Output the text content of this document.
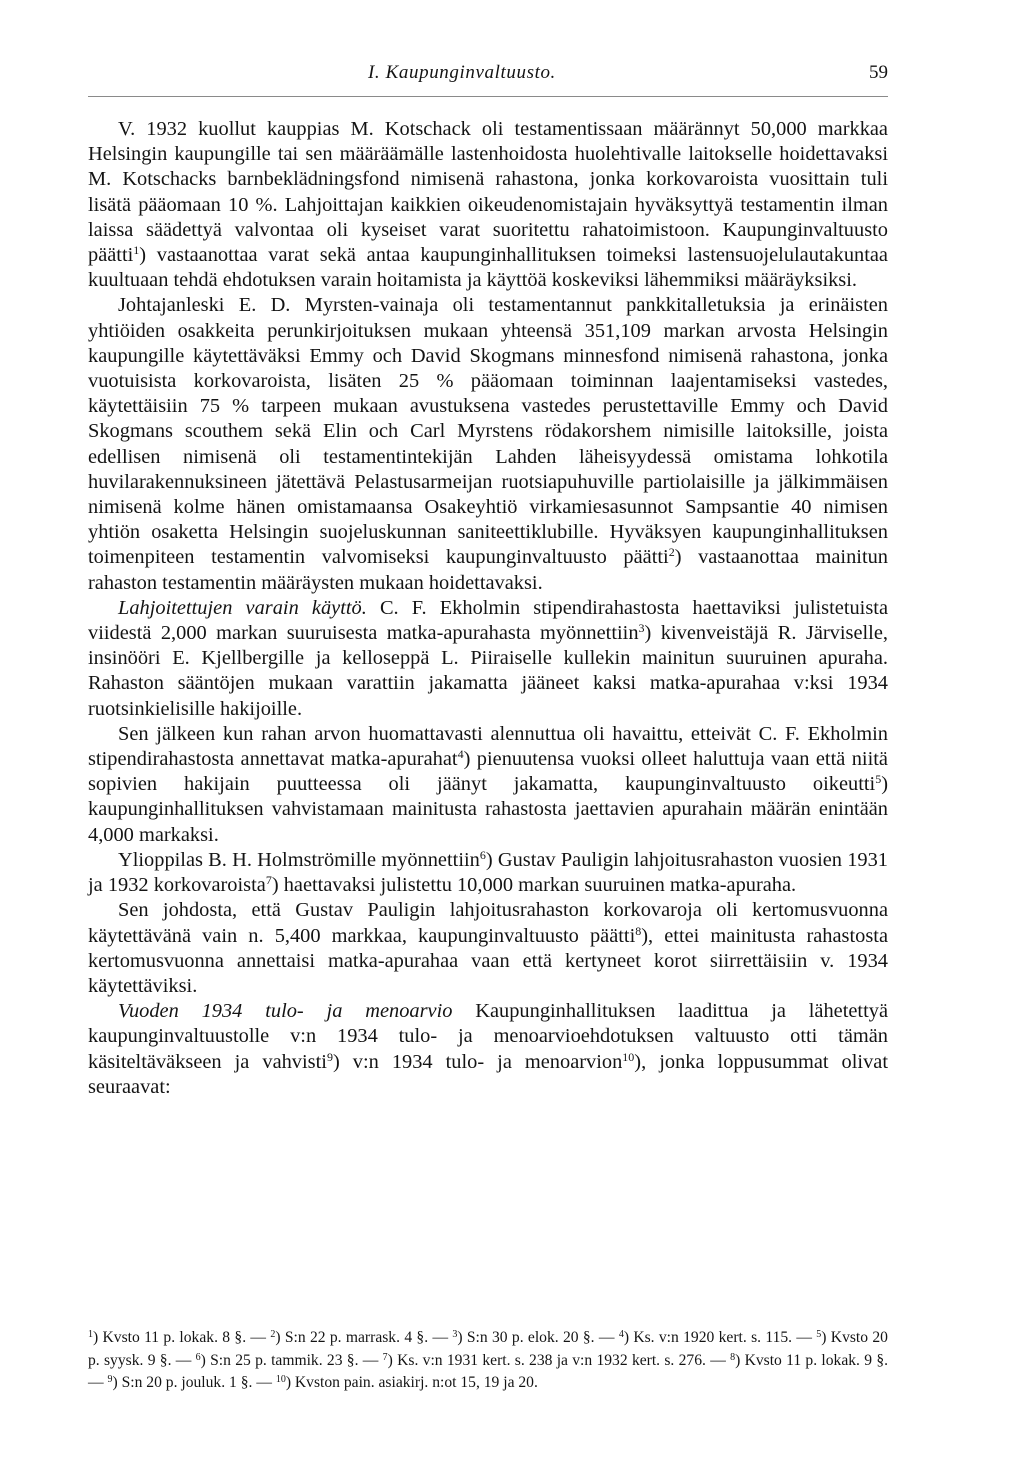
I. Kaupunginvaltuusto.	59

V. 1932 kuollut kauppias M. Kotschack oli testamentissaan määrännyt 50,000 markkaa Helsingin kaupungille tai sen määräämälle lastenhoidosta huolehtivalle laitokselle hoidettavaksi M. Kotschacks barnbeklädningsfond nimisenä rahastona, jonka korkovaroista vuosittain tuli lisätä pääomaan 10 %. Lahjoittajan kaikkien oikeudenomistajain hyväksyttyä testamentin ilman laissa säädettyä valvontaa oli kyseiset varat suoritettu rahatoimistoon. Kaupunginvaltuusto päätti$^1$) vastaanottaa varat sekä antaa kaupunginhallituksen toimeksi lastensuojelulautakuntaa kuultuaan tehdä ehdotuksen varain hoitamista ja käyttöä koskeviksi lähemmiksi määräyksiksi.

Johtajanleski E. D. Myrsten-vainaja oli testamentannut pankkitalletuksia ja erinäisten yhtiöiden osakkeita perunkirjoituksen mukaan yhteensä 351,109 markan arvosta Helsingin kaupungille käytettäväksi Emmy och David Skogmans minnesfond nimisenä rahastona, jonka vuotuisista korkovaroista, lisäten 25 % pääomaan toiminnan laajentamiseksi vastedes, käytettäisiin 75 % tarpeen mukaan avustuksena vastedes perustettaville Emmy och David Skogmans scouthem sekä Elin och Carl Myrstens rödakorshem nimisille laitoksille, joista edellisen nimisenä oli testamentintekijän Lahden läheisyydessä omistama lohkotila huvilarakennuksineen jätettävä Pelastusarmeijan ruotsiapuhuville partiolaisille ja jälkimmäisen nimisenä kolme hänen omistamaansa Osakeyhtiö virkamiesasunnot Sampsantie 40 nimisen yhtiön osaketta Helsingin suojeluskunnan saniteettiklubille. Hyväksyen kaupunginhallituksen toimenpiteen testamentin valvomiseksi kaupunginvaltuusto päätti$^2$) vastaanottaa mainitun rahaston testamentin määräysten mukaan hoidettavaksi.

Lahjoitettujen varain käyttö. C. F. Ekholmin stipendirahastosta haettaviksi julistetuista viidestä 2,000 markan suuruisesta matka-apurahasta myönnettiin$^3$) kivenveistäjä R. Järviselle, insinööri E. Kjellbergille ja kelloseppä L. Piiraiselle kullekin mainitun suuruinen apuraha. Rahaston sääntöjen mukaan varattiin jakamatta jääneet kaksi matka-apurahaa v:ksi 1934 ruotsinkielisille hakijoille.

Sen jälkeen kun rahan arvon huomattavasti alennuttua oli havaittu, etteivät C. F. Ekholmin stipendirahastosta annettavat matka-apurahat$^4$) pienuutensa vuoksi olleet haluttuja vaan että niitä sopivien hakijain puutteessa oli jäänyt jakamatta, kaupunginvaltuusto oikeutti$^5$) kaupunginhallituksen vahvistamaan mainitusta rahastosta jaettavien apurahain määrän enintään 4,000 markaksi.

Ylioppilas B. H. Holmströmille myönnettiin$^6$) Gustav Pauligin lahjoitusrahaston vuosien 1931 ja 1932 korkovaroista$^7$) haettavaksi julistettu 10,000 markan suuruinen matka-apuraha.

Sen johdosta, että Gustav Pauligin lahjoitusrahaston korkovaroja oli kertomusvuonna käytettävänä vain n. 5,400 markkaa, kaupunginvaltuusto päätti$^8$), ettei mainitusta rahastosta kertomusvuonna annettaisi matka-apurahaa vaan että kertyneet korot siirrettäisiin v. 1934 käytettäviksi.

Vuoden 1934 tulo- ja menoarvio Kaupunginhallituksen laadittua ja lähetettyä kaupunginvaltuustolle v:n 1934 tulo- ja menoarvioehdotuksen valtuusto otti tämän käsiteltäväkseen ja vahvisti$^9$) v:n 1934 tulo- ja menoarvion$^{10}$), jonka loppusummat olivat seuraavat:

$^1$) Kvsto 11 p. lokak. 8 §. — $^2$) S:n 22 p. marrask. 4 §. — $^3$) S:n 30 p. elok. 20 §. — $^4$) Ks. v:n 1920 kert. s. 115. — $^5$) Kvsto 20 p. syysk. 9 §. — $^6$) S:n 25 p. tammik. 23 §. — $^7$) Ks. v:n 1931 kert. s. 238 ja v:n 1932 kert. s. 276. — $^8$) Kvsto 11 p. lokak. 9 §. — $^9$) S:n 20 p. jouluk. 1 §. — $^{10}$) Kvston pain. asiakirj. n:ot 15, 19 ja 20.
